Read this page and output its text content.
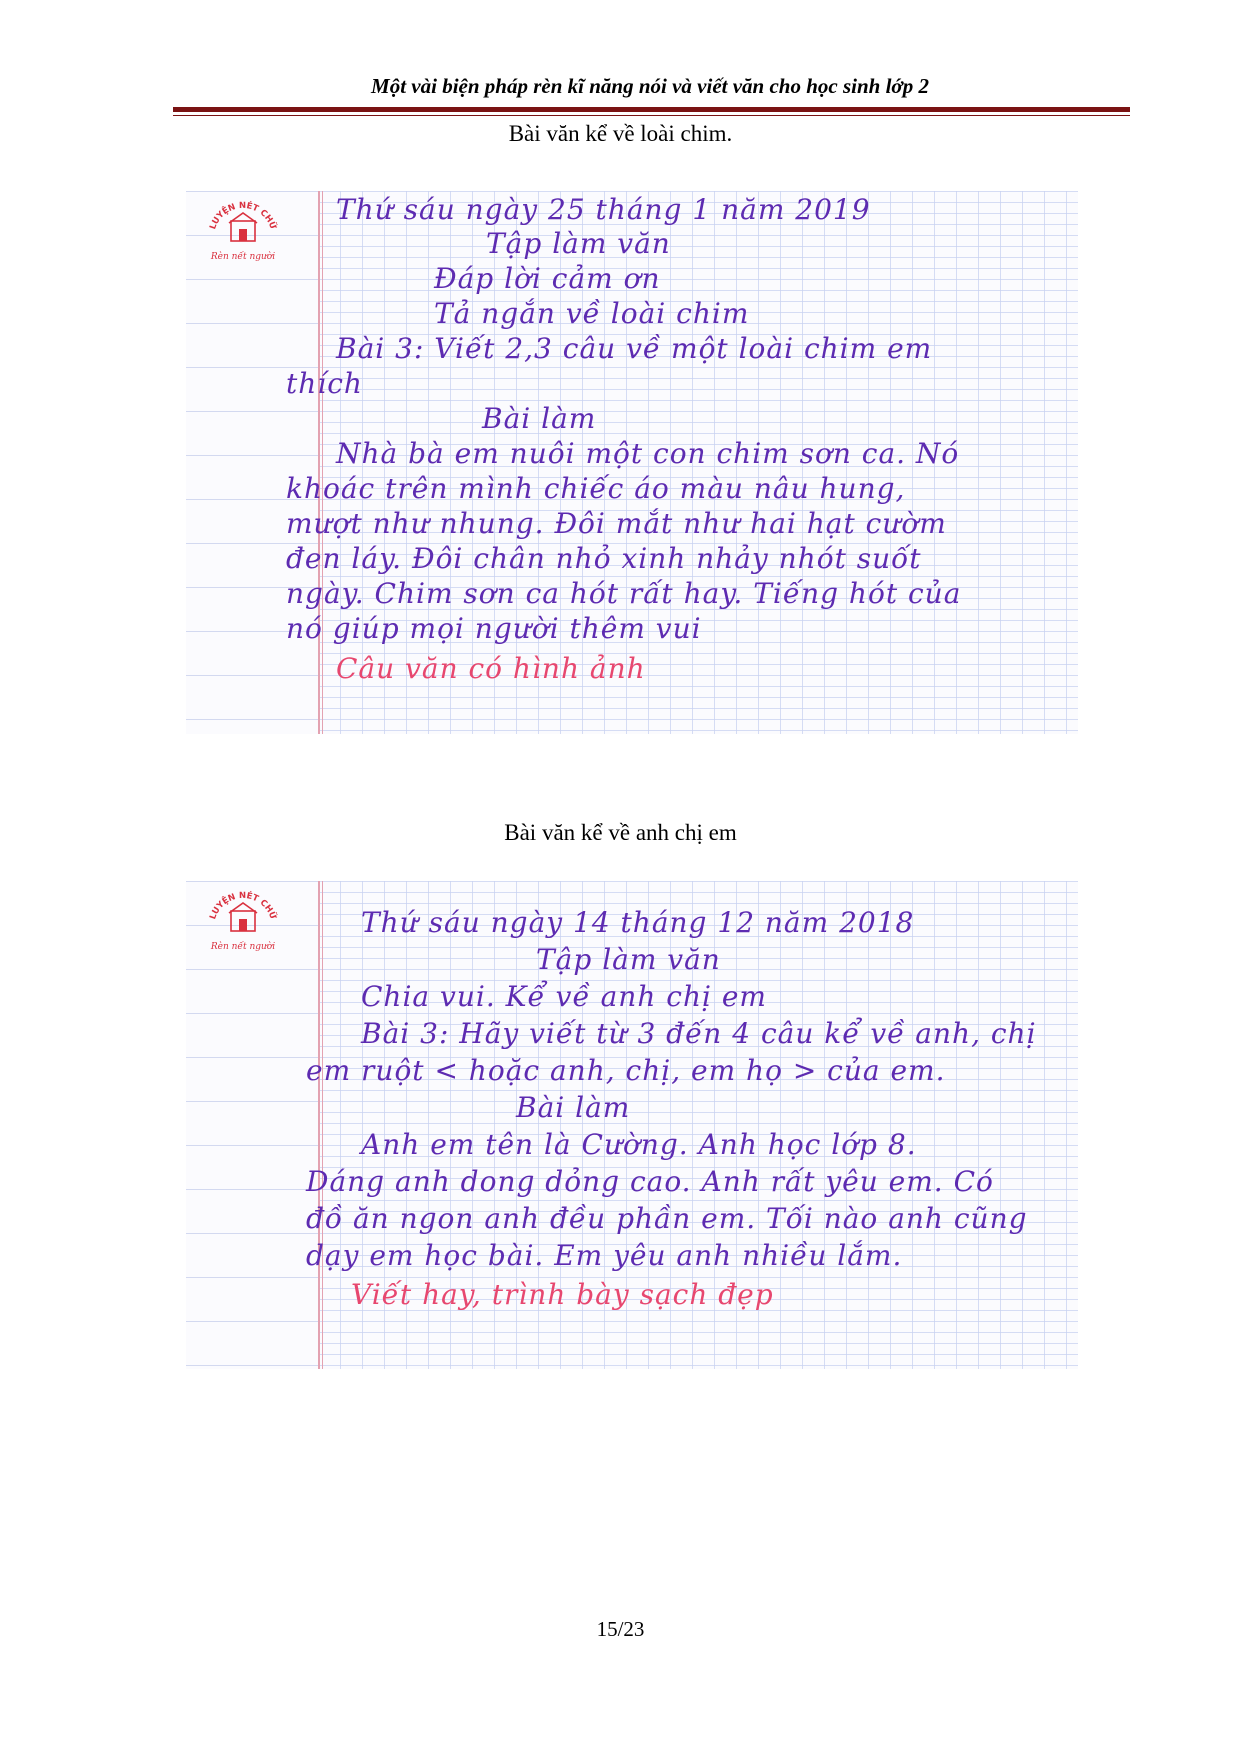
Một vài biện pháp rèn kĩ năng nói và viết văn cho học sinh lớp 2
Bài văn kể về loài chim.
LUYỆN NÉT CHỮ
Rèn nết người
Thứ sáu ngày 25 tháng 1 năm 2019
Tập làm văn
Đáp lời cảm ơn
Tả ngắn về loài chim
Bài 3: Viết 2,3 câu về một loài chim em
thích
Bài làm
Nhà bà em nuôi một con chim sơn ca. Nó
khoác trên mình chiếc áo màu nâu hung,
mượt như nhung. Đôi mắt như hai hạt cườm
đen láy. Đôi chân nhỏ xinh nhảy nhót suốt
ngày. Chim sơn ca hót rất hay. Tiếng hót của
nó giúp mọi người thêm vui
Câu văn có hình ảnh
Bài văn kể về anh chị em
LUYỆN NÉT CHỮ
Rèn nết người
Thứ sáu ngày 14 tháng 12 năm 2018
Tập làm văn
Chia vui. Kể về anh chị em
Bài 3: Hãy viết từ 3 đến 4 câu kể về anh, chị
em ruột < hoặc anh, chị, em họ > của em.
Bài làm
Anh em tên là Cường. Anh học lớp 8.
Dáng anh dong dỏng cao. Anh rất yêu em. Có
đồ ăn ngon anh đều phần em. Tối nào anh cũng
dạy em học bài. Em yêu anh nhiều lắm.
Viết hay, trình bày sạch đẹp
15/23
